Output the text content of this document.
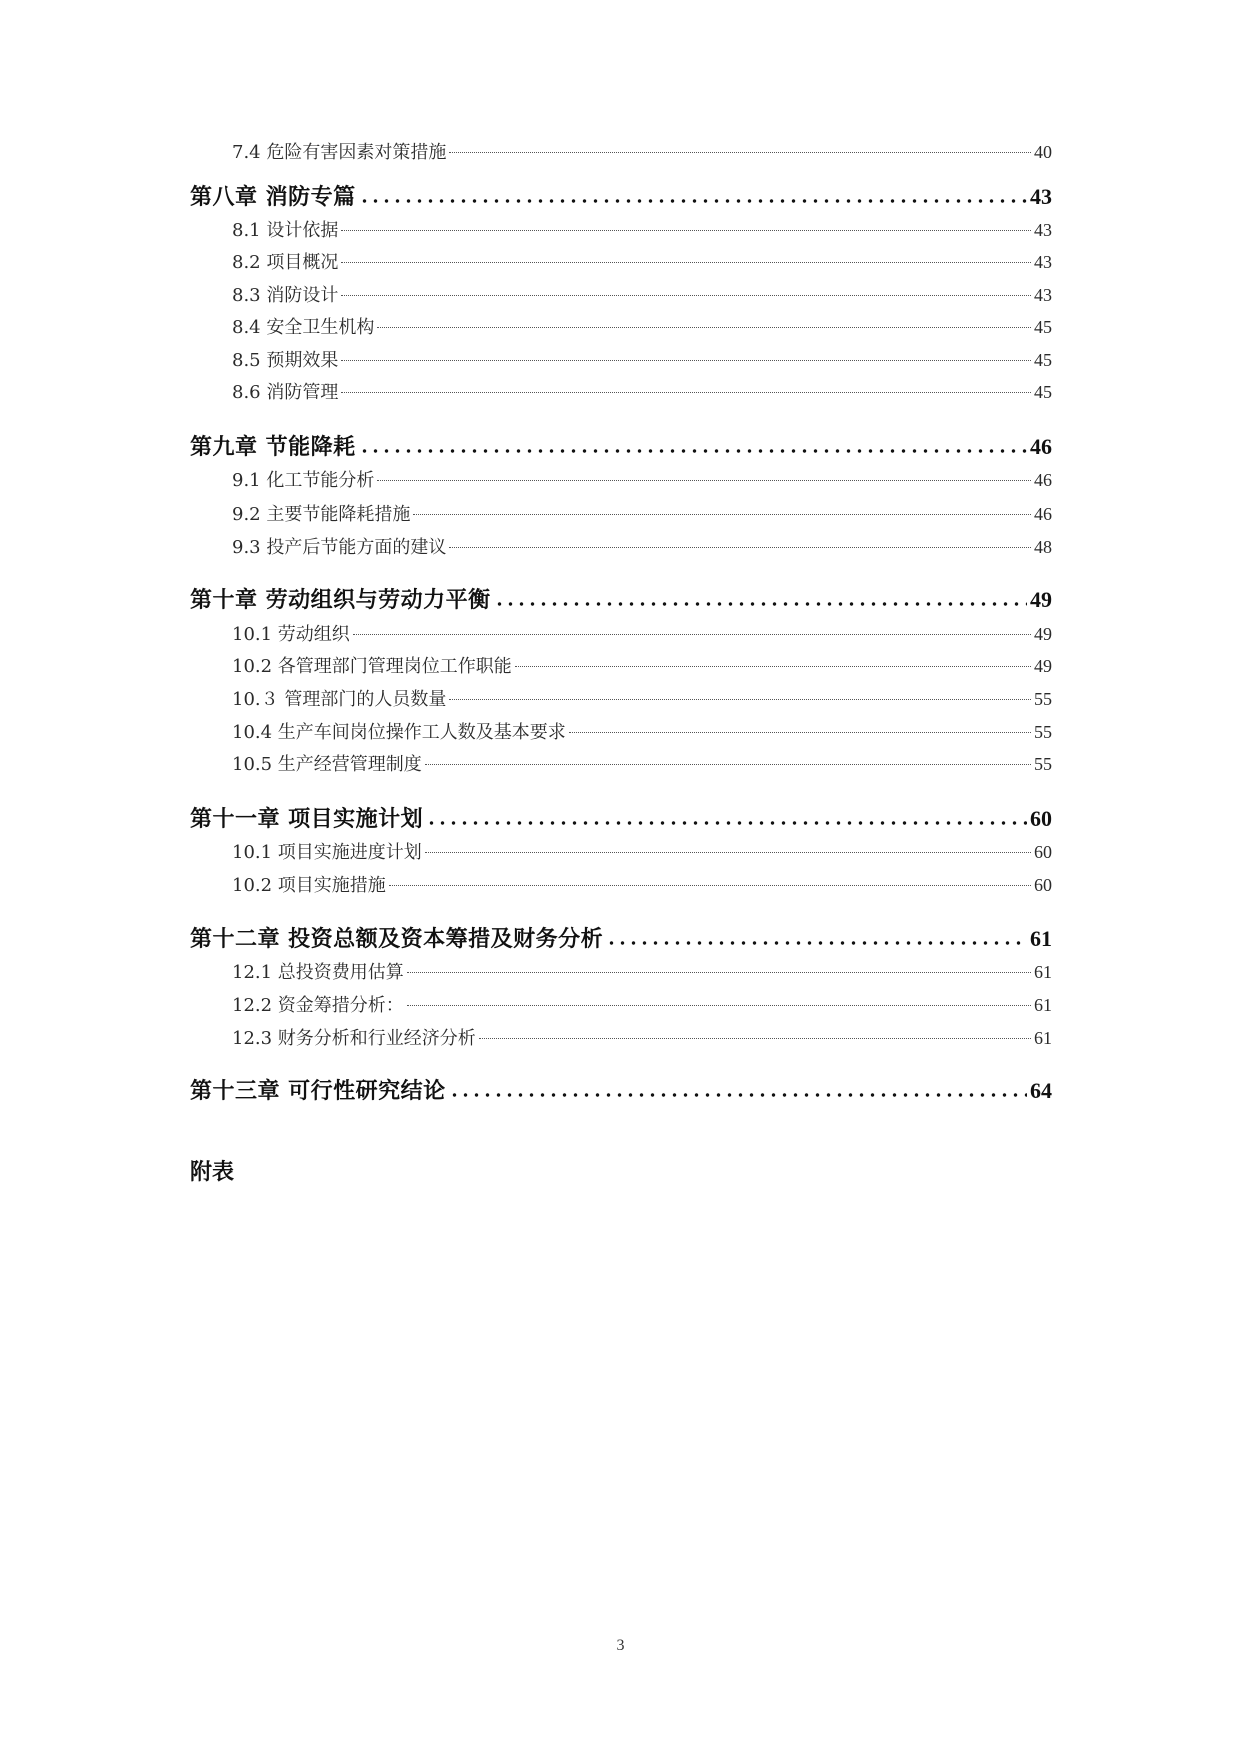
7.4 危险有害因素对策措施	40
第八章 消防专篇	43
8.1 设计依据	43
8.2 项目概况	43
8.3 消防设计	43
8.4 安全卫生机构	45
8.5 预期效果	45
8.6 消防管理	45
第九章 节能降耗	46
9.1 化工节能分析	46
9.2 主要节能降耗措施	46
9.3 投产后节能方面的建议	48
第十章 劳动组织与劳动力平衡	49
10.1 劳动组织	49
10.2 各管理部门管理岗位工作职能	49
10.３ 管理部门的人员数量	55
10.4 生产车间岗位操作工人数及基本要求	55
10.5 生产经营管理制度	55
第十一章 项目实施计划	60
10.1 项目实施进度计划	60
10.2 项目实施措施	60
第十二章 投资总额及资本筹措及财务分析	61
12.1 总投资费用估算	61
12.2 资金筹措分析：	61
12.3 财务分析和行业经济分析	61
第十三章 可行性研究结论	64
附表
3
